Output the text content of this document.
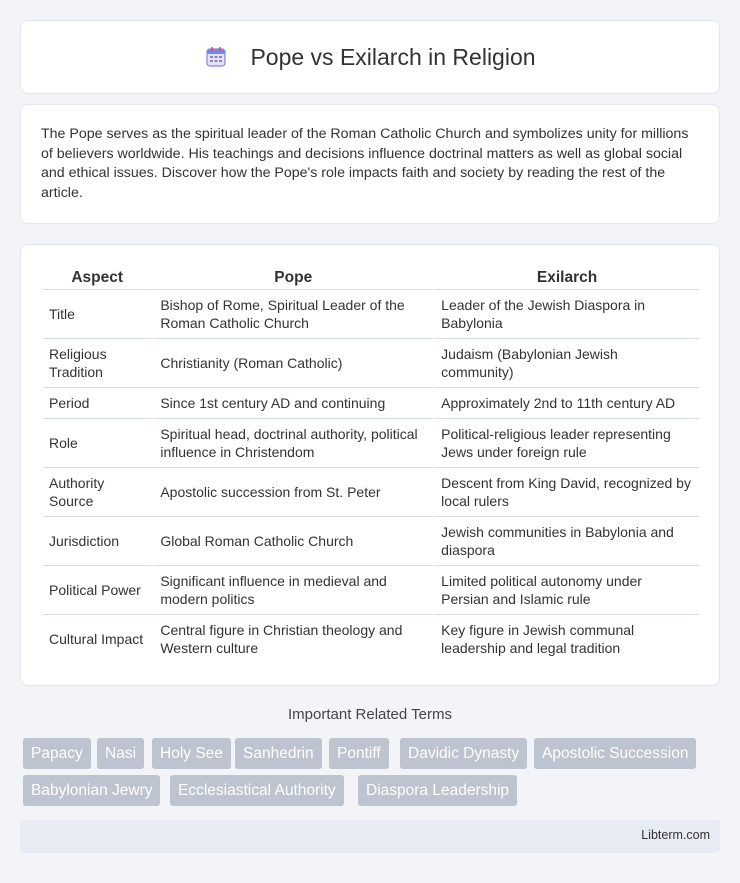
Pope vs Exilarch in Religion

The Pope serves as the spiritual leader of the Roman Catholic Church and symbolizes unity for millions of believers worldwide. His teachings and decisions influence doctrinal matters as well as global social and ethical issues. Discover how the Pope's role impacts faith and society by reading the rest of the article.

Aspect	Pope	Exilarch
Title	Bishop of Rome, Spiritual Leader of the Roman Catholic Church	Leader of the Jewish Diaspora in Babylonia
Religious Tradition	Christianity (Roman Catholic)	Judaism (Babylonian Jewish community)
Period	Since 1st century AD and continuing	Approximately 2nd to 11th century AD
Role	Spiritual head, doctrinal authority, political influence in Christendom	Political-religious leader representing Jews under foreign rule
Authority Source	Apostolic succession from St. Peter	Descent from King David, recognized by local rulers
Jurisdiction	Global Roman Catholic Church	Jewish communities in Babylonia and diaspora
Political Power	Significant influence in medieval and modern politics	Limited political autonomy under Persian and Islamic rule
Cultural Impact	Central figure in Christian theology and Western culture	Key figure in Jewish communal leadership and legal tradition
Important Related Terms
Papacy	Nasi	Holy See	Sanhedrin	Pontiff	Davidic Dynasty	Apostolic Succession
Babylonian Jewry	Ecclesiastical Authority	Diaspora Leadership
Libterm.com
